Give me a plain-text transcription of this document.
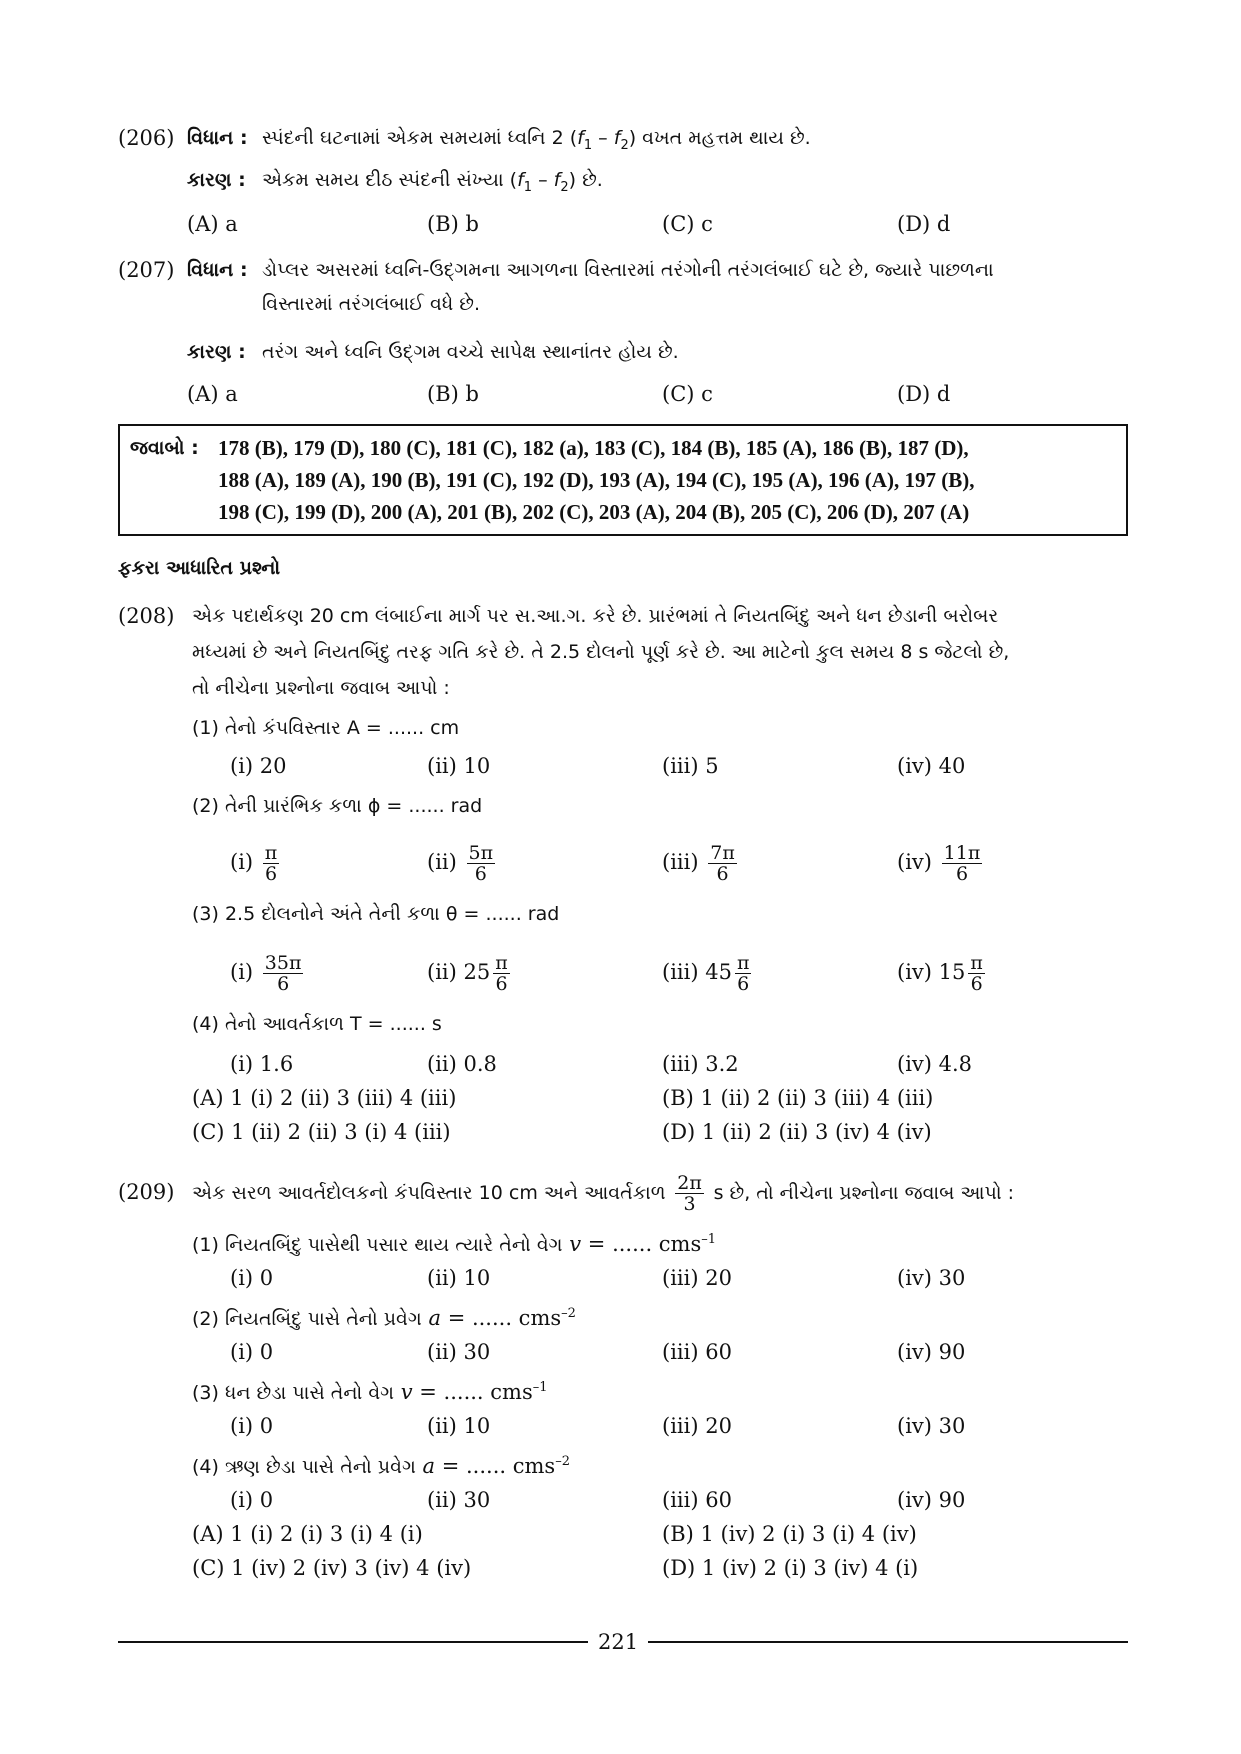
(206) વિધાન : સ્પંદની ઘટનામાં એકમ સમયમાં ધ્વનિ 2 $(f_1 - f_2)$ વખત મહત્તમ થાય છે.
કારણ : એકમ સમય દીઠ સ્પંદની સંખ્યા $(f_1 - f_2)$ છે.
(A) a	(B) b	(C) c	(D) d
(207) વિધાન : ડોપ્લર અસરમાં ધ્વનિ-ઉદ્ગમના આગળના વિસ્તારમાં તરંગોની તરંગલંબાઈ ઘટે છે, જ્યારે પાછળના
વિસ્તારમાં તરંગલંબાઈ વધે છે.
કારણ : તરંગ અને ધ્વનિ ઉદ્ગમ વચ્ચે સાપેક્ષ સ્થાનાંતર હોય છે.
(A) a	(B) b	(C) c	(D) d
જવાબો : 178 (B), 179 (D), 180 (C), 181 (C), 182 (a), 183 (C), 184 (B), 185 (A), 186 (B), 187 (D),
188 (A), 189 (A), 190 (B), 191 (C), 192 (D), 193 (A), 194 (C), 195 (A), 196 (A), 197 (B),
198 (C), 199 (D), 200 (A), 201 (B), 202 (C), 203 (A), 204 (B), 205 (C), 206 (D), 207 (A)
ફકરા આધારિત પ્રશ્નો
(208) એક પદાર્થકણ 20 cm લંબાઈના માર્ગ પર સ.આ.ગ. કરે છે. પ્રારંભમાં તે નિયતબિંદુ અને ધન છેડાની બરોબર
મધ્યમાં છે અને નિયતબિંદુ તરફ ગતિ કરે છે. તે 2.5 દોલનો પૂર્ણ કરે છે. આ માટેનો કુલ સમય 8 s જેટલો છે,
તો નીચેના પ્રશ્નોના જવાબ આપો :
(1) તેનો કંપવિસ્તાર A = ...... cm
(i) 20	(ii) 10	(iii) 5	(iv) 40
(2) તેની પ્રારંભિક કળા ϕ = ...... rad
$(i) \frac{\pi}{6}$	$(ii) \frac{5\pi}{6}$	$(iii) \frac{7\pi}{6}$	$(iv) \frac{11\pi}{6}$
(3) 2.5 દોલનોને અંતે તેની કળા θ = ...... rad
$(i) \frac{35\pi}{6}$	(ii) $25 \frac{\pi}{6}$	(iii) $45 \frac{\pi}{6}$	(iv) $15 \frac{\pi}{6}$
(4) તેનો આવર્તકાળ T = ...... s
(i) 1.6	(ii) 0.8	(iii) 3.2	(iv) 4.8
(A) 1 (i) 2 (ii) 3 (iii) 4 (iii)	(B) 1 (ii) 2 (ii) 3 (iii) 4 (iii)
(C) 1 (ii) 2 (ii) 3 (i) 4 (iii)	(D) 1 (ii) 2 (ii) 3 (iv) 4 (iv)
(209) એક સરળ આવર્તદોલકનો કંપવિસ્તાર 10 cm અને આવર્તકાળ $\frac{2\pi}{3}$ s છે, તો નીચેના પ્રશ્નોના જવાબ આપો :
(1) નિયતબિંદુ પાસેથી પસાર થાય ત્યારે તેનો વેગ v = ...... cms$^{-1}$
(i) 0	(ii) 10	(iii) 20	(iv) 30
(2) નિયતબિંદુ પાસે તેનો પ્રવેગ a = ...... cms$^{-2}$
(i) 0	(ii) 30	(iii) 60	(iv) 90
(3) ધન છેડા પાસે તેનો વેગ v = ...... cms$^{-1}$
(i) 0	(ii) 10	(iii) 20	(iv) 30
(4) ઋણ છેડા પાસે તેનો પ્રવેગ a = ...... cms$^{-2}$
(i) 0	(ii) 30	(iii) 60	(iv) 90
(A) 1 (i) 2 (i) 3 (i) 4 (i)	(B) 1 (iv) 2 (i) 3 (i) 4 (iv)
(C) 1 (iv) 2 (iv) 3 (iv) 4 (iv)	(D) 1 (iv) 2 (i) 3 (iv) 4 (i)
221
